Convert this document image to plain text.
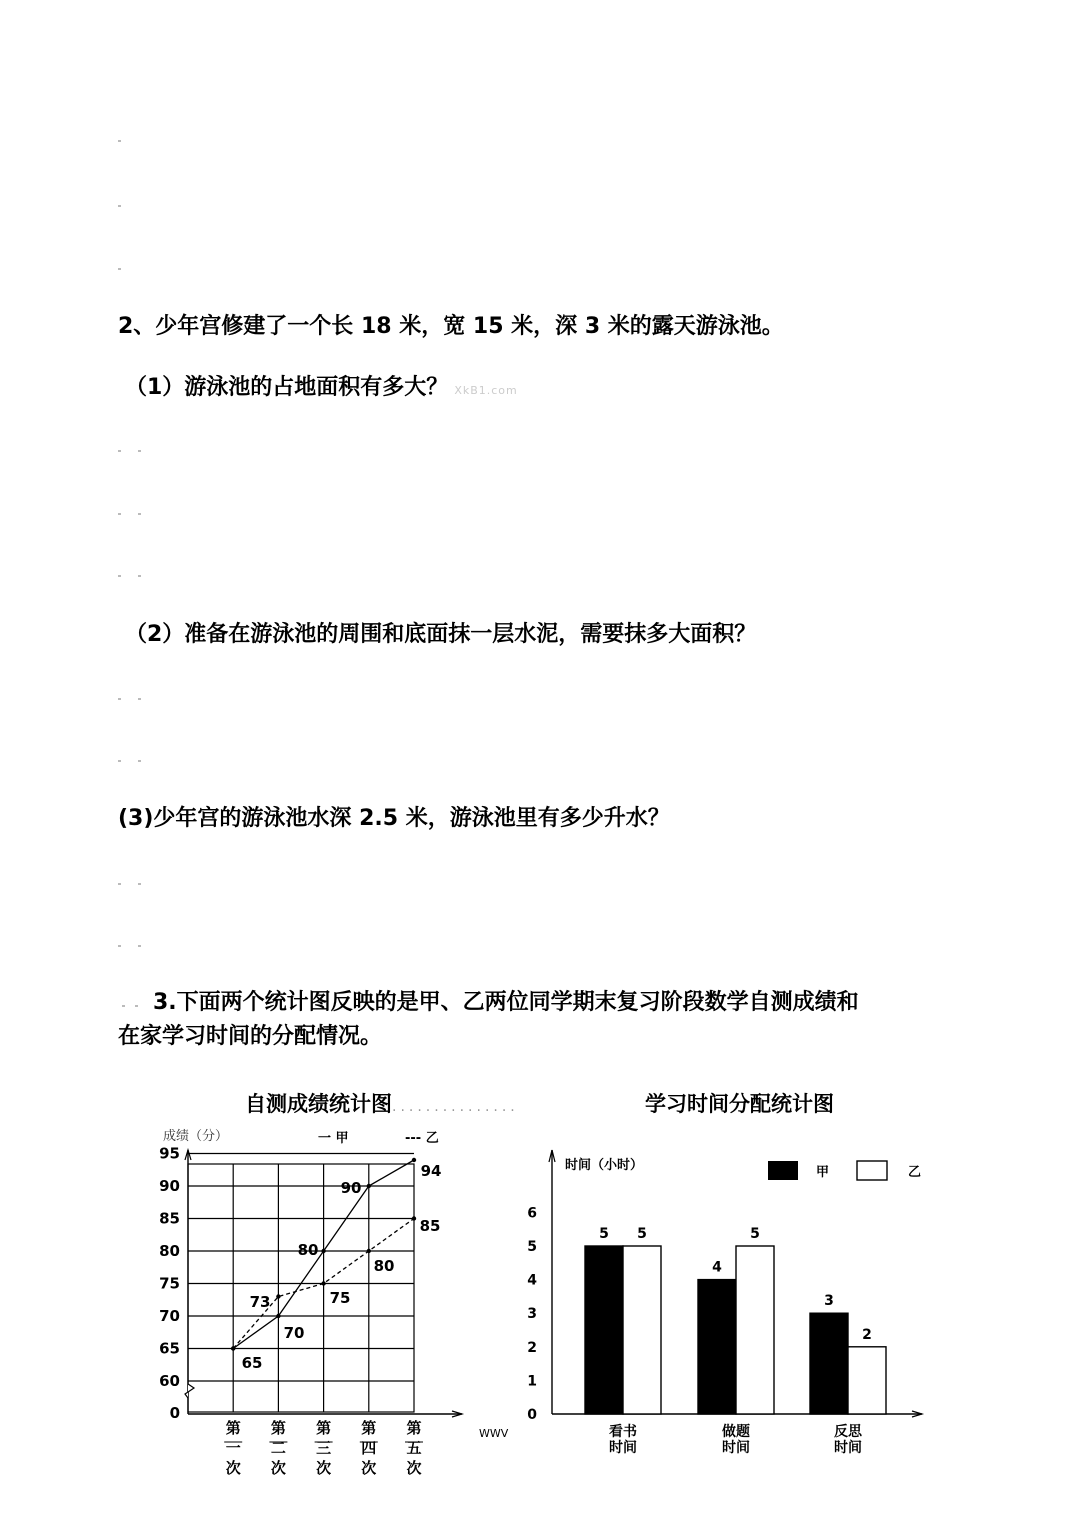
2、少年宫修建了一个长 18 米，宽 15 米，深 3 米的露天游泳池。
（1）游泳池的占地面积有多大？ XkB1.com
（2）准备在游泳池的周围和底面抹一层水泥，需要抹多大面积？
(3)少年宫的游泳池水深 2.5 米，游泳池里有多少升水？
3.下面两个统计图反映的是甲、乙两位同学期末复习阶段数学自测成绩和
在家学习时间的分配情况。
自测成绩统计图...............	学习时间分配统计图
成绩（分）
0
60
65
70
75
80
85
90
95
一 甲	--- 乙
第
一
次
第
二
次
第
三
次
第
四
次
第
五
次
65
70
80
90
94
73	75
80
85
WWV
时间（小时）
0
1
2
3
4
5
6
甲	乙
5 5
看书
时间
4
5
做题
时间
3
2
反思
时间
